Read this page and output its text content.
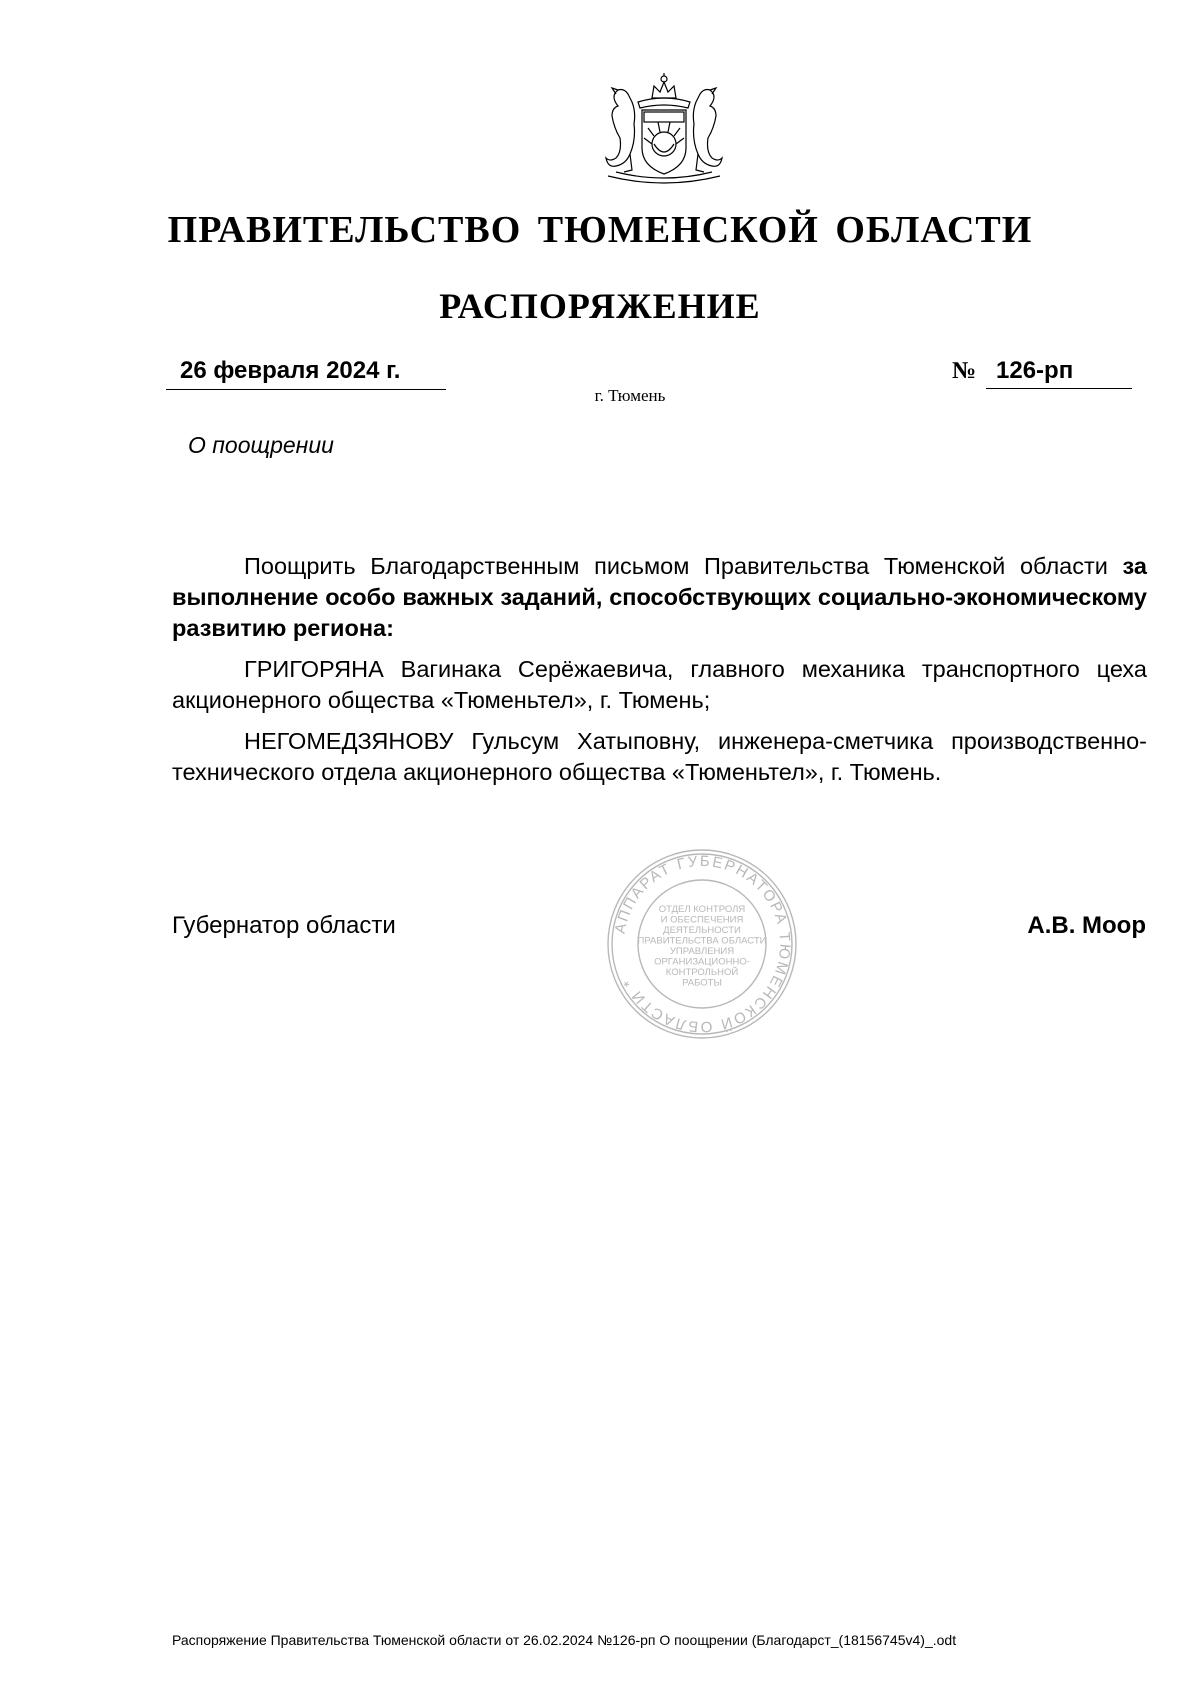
ПРАВИТЕЛЬСТВО ТЮМЕНСКОЙ ОБЛАСТИ
РАСПОРЯЖЕНИЕ
26 февраля 2024 г.	№ 126-рп
г. Тюмень
О поощрении

Поощрить Благодарственным письмом Правительства Тюменской области за выполнение особо важных заданий, способствующих социально-экономическому развитию региона:

ГРИГОРЯНА Вагинака Серёжаевича, главного механика транспортного цеха акционерного общества «Тюменьтел», г. Тюмень;

НЕГОМЕДЗЯНОВУ Гульсум Хатыповну, инженера-сметчика производственно-технического отдела акционерного общества «Тюменьтел», г. Тюмень.

Губернатор области	А.В. Моор
АППАРАТ ГУБЕРНАТОРА ТЮМЕНСКОЙ ОБЛАСТИ *
ОТДЕЛ КОНТРОЛЯ
И ОБЕСПЕЧЕНИЯ
ДЕЯТЕЛЬНОСТИ
ПРАВИТЕЛЬСТВА ОБЛАСТИ
УПРАВЛЕНИЯ
ОРГАНИЗАЦИОННО-
КОНТРОЛЬНОЙ
РАБОТЫ
Распоряжение Правительства Тюменской области от 26.02.2024 №126-рп О поощрении (Благодарст_(18156745v4)_.odt
